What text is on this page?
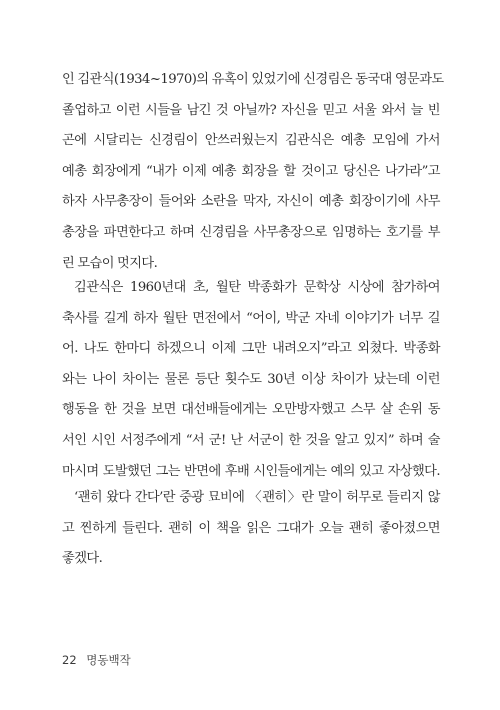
인 김관식(1934~1970)의 유혹이 있었기에 신경림은 동국대 영문과도
졸업하고 이런 시들을 남긴 것 아닐까? 자신을 믿고 서울 와서 늘 빈
곤에 시달리는 신경림이 안쓰러웠는지 김관식은 예총 모임에 가서
예총 회장에게 “내가 이제 예총 회장을 할 것이고 당신은 나가라”고
하자 사무총장이 들어와 소란을 막자, 자신이 예총 회장이기에 사무
총장을 파면한다고 하며 신경림을 사무총장으로 임명하는 호기를 부
린 모습이 멋지다.
김관식은 1960년대 초, 월탄 박종화가 문학상 시상에 참가하여
축사를 길게 하자 월탄 면전에서 “어이, 박군 자네 이야기가 너무 길
어. 나도 한마디 하겠으니 이제 그만 내려오지”라고 외쳤다. 박종화
와는 나이 차이는 물론 등단 횟수도 30년 이상 차이가 났는데 이런
행동을 한 것을 보면 대선배들에게는 오만방자했고 스무 살 손위 동
서인 시인 서정주에게 “서 군! 난 서군이 한 것을 알고 있지” 하며 술
마시며 도발했던 그는 반면에 후배 시인들에게는 예의 있고 자상했다.
‘괜히 왔다 간다’란 중광 묘비에 〈괜히〉란 말이 허무로 들리지 않
고 찐하게 들린다. 괜히 이 책을 읽은 그대가 오늘 괜히 좋아졌으면
좋겠다.
22 명동백작
